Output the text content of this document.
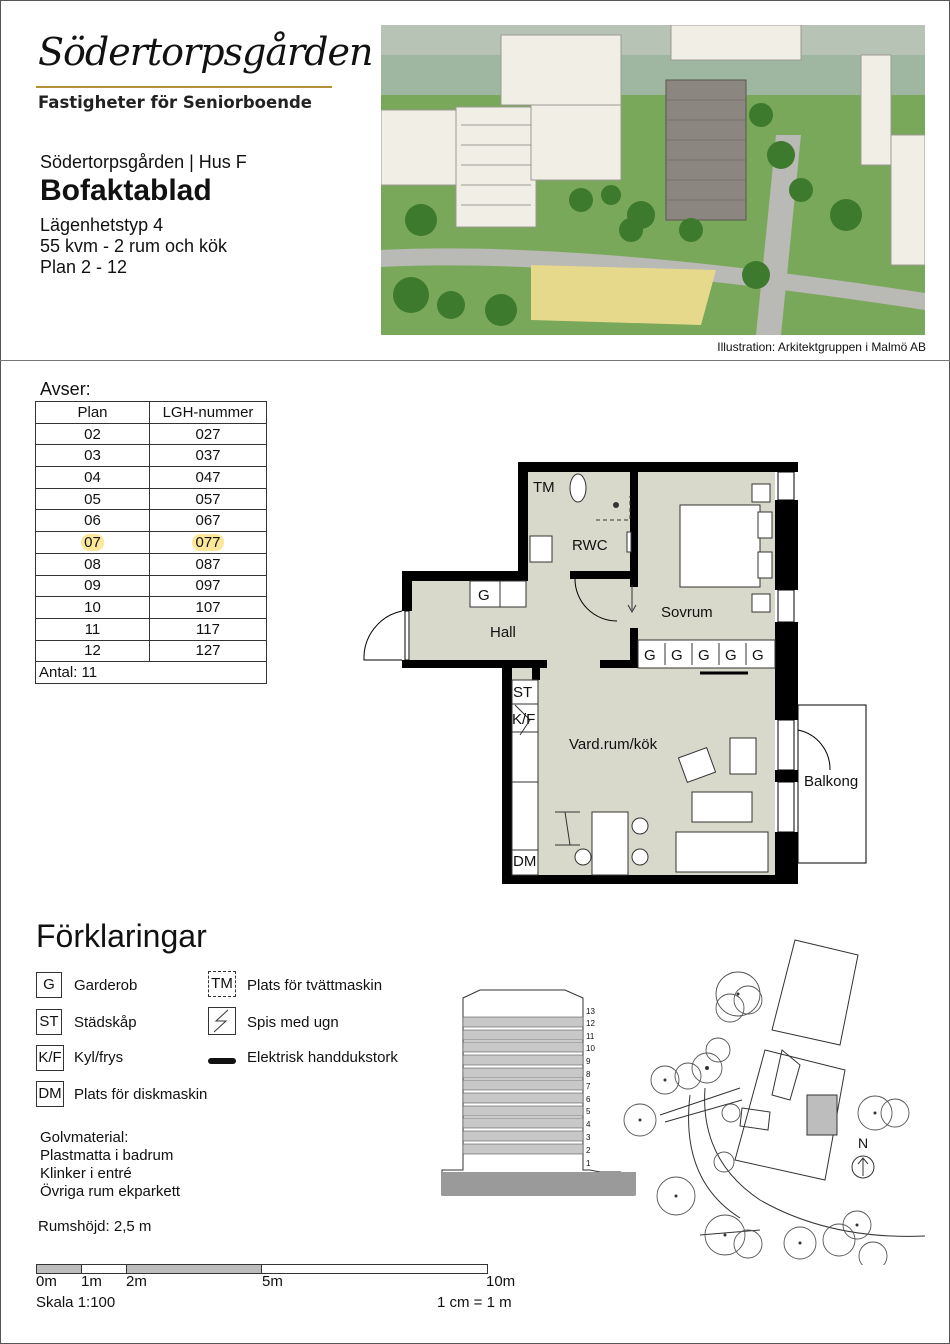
Södertorpsgården
Fastigheter för Seniorboende
Södertorpsgården | Hus F
Bofaktablad
Lägenhetstyp 4
55 kvm - 2 rum och kök
Plan 2 - 12
Illustration: Arkitektgruppen i Malmö AB
Avser:
Plan	LGH-nummer
02	027
03	037
04	047
05	057
06	067
07	077
08	087
09	097
10	107
11	117
12	127
Antal: 11	
TM
RWC
G
Sovrum
Hall
ST
K/F
Vard.rum/kök
Balkong
DM
G G G G G
Förklaringar
G	Garderob
ST Städskåp
K/F Kyl/frys
DM Plats för diskmaskin
TM Plats för tvättmaskin
Spis med ugn
Elektrisk handdukstork
Golvmaterial:
Plastmatta i badrum
Klinker i entré
Övriga rum ekparkett
Rumshöjd: 2,5 m
13
12
11
10
9
8
7
6
5
4
3
2
1
N
0m 1m 2m	5m	10m
Skala 1:100	1 cm = 1 m
